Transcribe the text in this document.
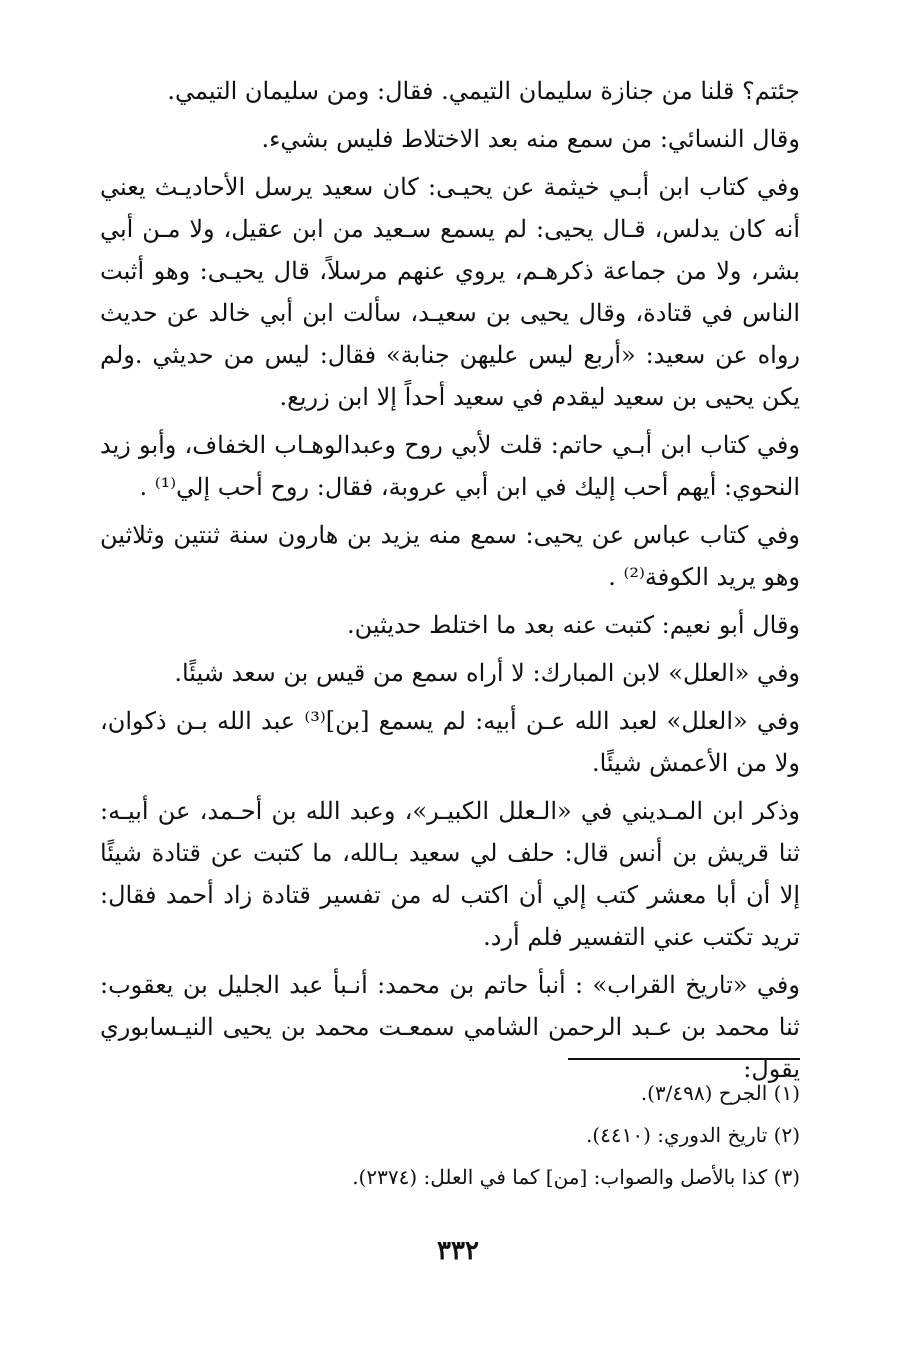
جئتم؟ قلنا من جنازة سليمان التيمي. فقال: ومن سليمان التيمي.

وقال النسائي: من سمع منه بعد الاختلاط فليس بشيء.

وفي كتاب ابن أبـي خيثمة عن يحيـى: كان سعيد يرسل الأحاديـث يعني أنه كان يدلس، قـال يحيى: لم يسمع سـعيد من ابن عقيل، ولا مـن أبي بشر، ولا من جماعة ذكرهـم، يروي عنهم مرسلاً، قال يحيـى: وهو أثبت الناس في قتادة، وقال يحيى بن سعيـد، سألت ابن أبي خالد عن حديث رواه عن سعيد: «أربع ليس عليهن جنابة» فقال: ليس من حديثي .ولم يكن يحيى بن سعيد ليقدم في سعيد أحداً إلا ابن زريع.

وفي كتاب ابن أبـي حاتم: قلت لأبي روح وعبدالوهـاب الخفاف، وأبو زيد النحوي: أيهم أحب إليك في ابن أبي عروبة، فقال: روح أحب إلي⁽¹⁾ .

وفي كتاب عباس عن يحيى: سمع منه يزيد بن هارون سنة ثنتين وثلاثين وهو يريد الكوفة⁽²⁾ .

وقال أبو نعيم: كتبت عنه بعد ما اختلط حديثين.

وفي «العلل» لابن المبارك: لا أراه سمع من قيس بن سعد شيئًا.

وفي «العلل» لعبد الله عـن أبيه: لم يسمع [بن]⁽³⁾ عبد الله بـن ذكوان، ولا من الأعمش شيئًا.

وذكر ابن المـديني في «الـعلل الكبيـر»، وعبد الله بن أحـمد، عن أبيـه: ثنا قريش بن أنس قال: حلف لي سعيد بـالله، ما كتبت عن قتادة شيئًا إلا أن أبا معشر كتب إلي أن اكتب له من تفسير قتادة زاد أحمد فقال: تريد تكتب عني التفسير فلم أرد.

وفي «تاريخ القراب» : أنبأ حاتم بن محمد: أنـبأ عبد الجليل بن يعقوب: ثنا محمد بن عـبد الرحمن الشامي سمعـت محمد بن يحيى النيـسابوري يقول:

(١) الجرح (٣/٤٩٨).

(٢) تاريخ الدوري: (٤٤١٠).

(٣) كذا بالأصل والصواب: [من] كما في العلل: (٢٣٧٤).

٣٣٢
